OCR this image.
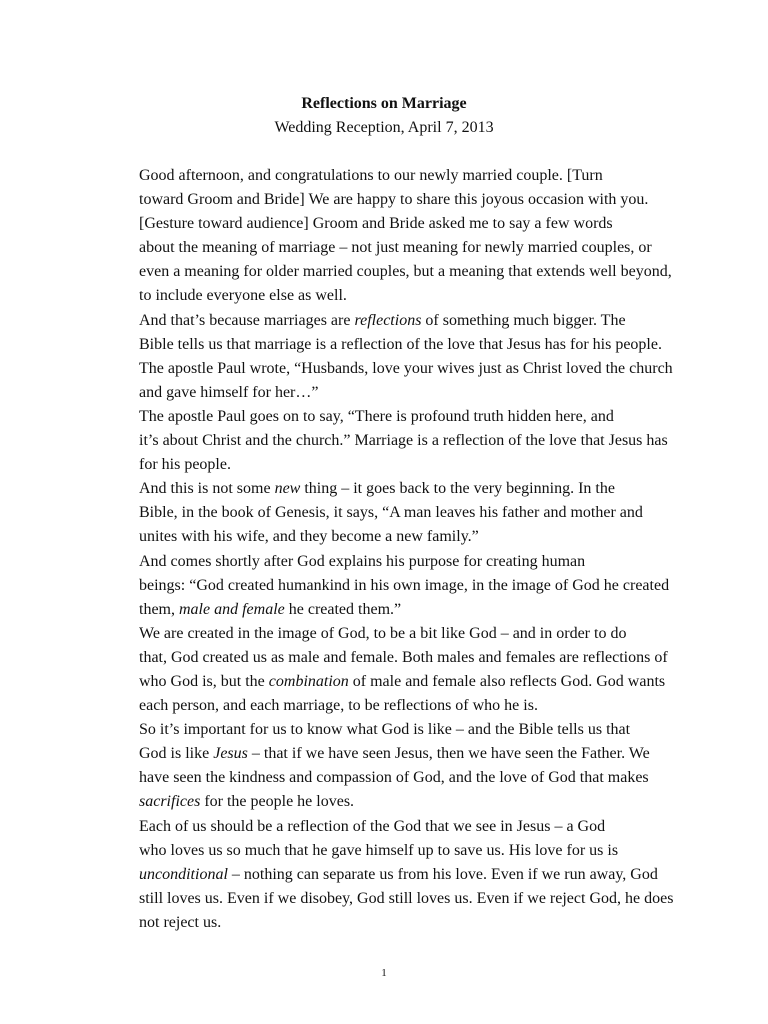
Reflections on Marriage
Wedding Reception, April 7, 2013

Good afternoon, and congratulations to our newly married couple. [Turn
toward Groom and Bride] We are happy to share this joyous occasion with you.

[Gesture toward audience] Groom and Bride asked me to say a few words
about the meaning of marriage – not just meaning for newly married couples, or
even a meaning for older married couples, but a meaning that extends well beyond,
to include everyone else as well.

And that’s because marriages are reflections of something much bigger. The
Bible tells us that marriage is a reflection of the love that Jesus has for his people.
The apostle Paul wrote, “Husbands, love your wives just as Christ loved the church
and gave himself for her…”

The apostle Paul goes on to say, “There is profound truth hidden here, and
it’s about Christ and the church.” Marriage is a reflection of the love that Jesus has
for his people.

And this is not some new thing – it goes back to the very beginning. In the
Bible, in the book of Genesis, it says, “A man leaves his father and mother and
unites with his wife, and they become a new family.”

And comes shortly after God explains his purpose for creating human
beings: “God created humankind in his own image, in the image of God he created
them, male and female he created them.”

We are created in the image of God, to be a bit like God – and in order to do
that, God created us as male and female. Both males and females are reflections of
who God is, but the combination of male and female also reflects God. God wants
each person, and each marriage, to be reflections of who he is.

So it’s important for us to know what God is like – and the Bible tells us that
God is like Jesus – that if we have seen Jesus, then we have seen the Father. We
have seen the kindness and compassion of God, and the love of God that makes
sacrifices for the people he loves.

Each of us should be a reflection of the God that we see in Jesus – a God
who loves us so much that he gave himself up to save us. His love for us is
unconditional – nothing can separate us from his love. Even if we run away, God
still loves us. Even if we disobey, God still loves us. Even if we reject God, he does
not reject us.

1
